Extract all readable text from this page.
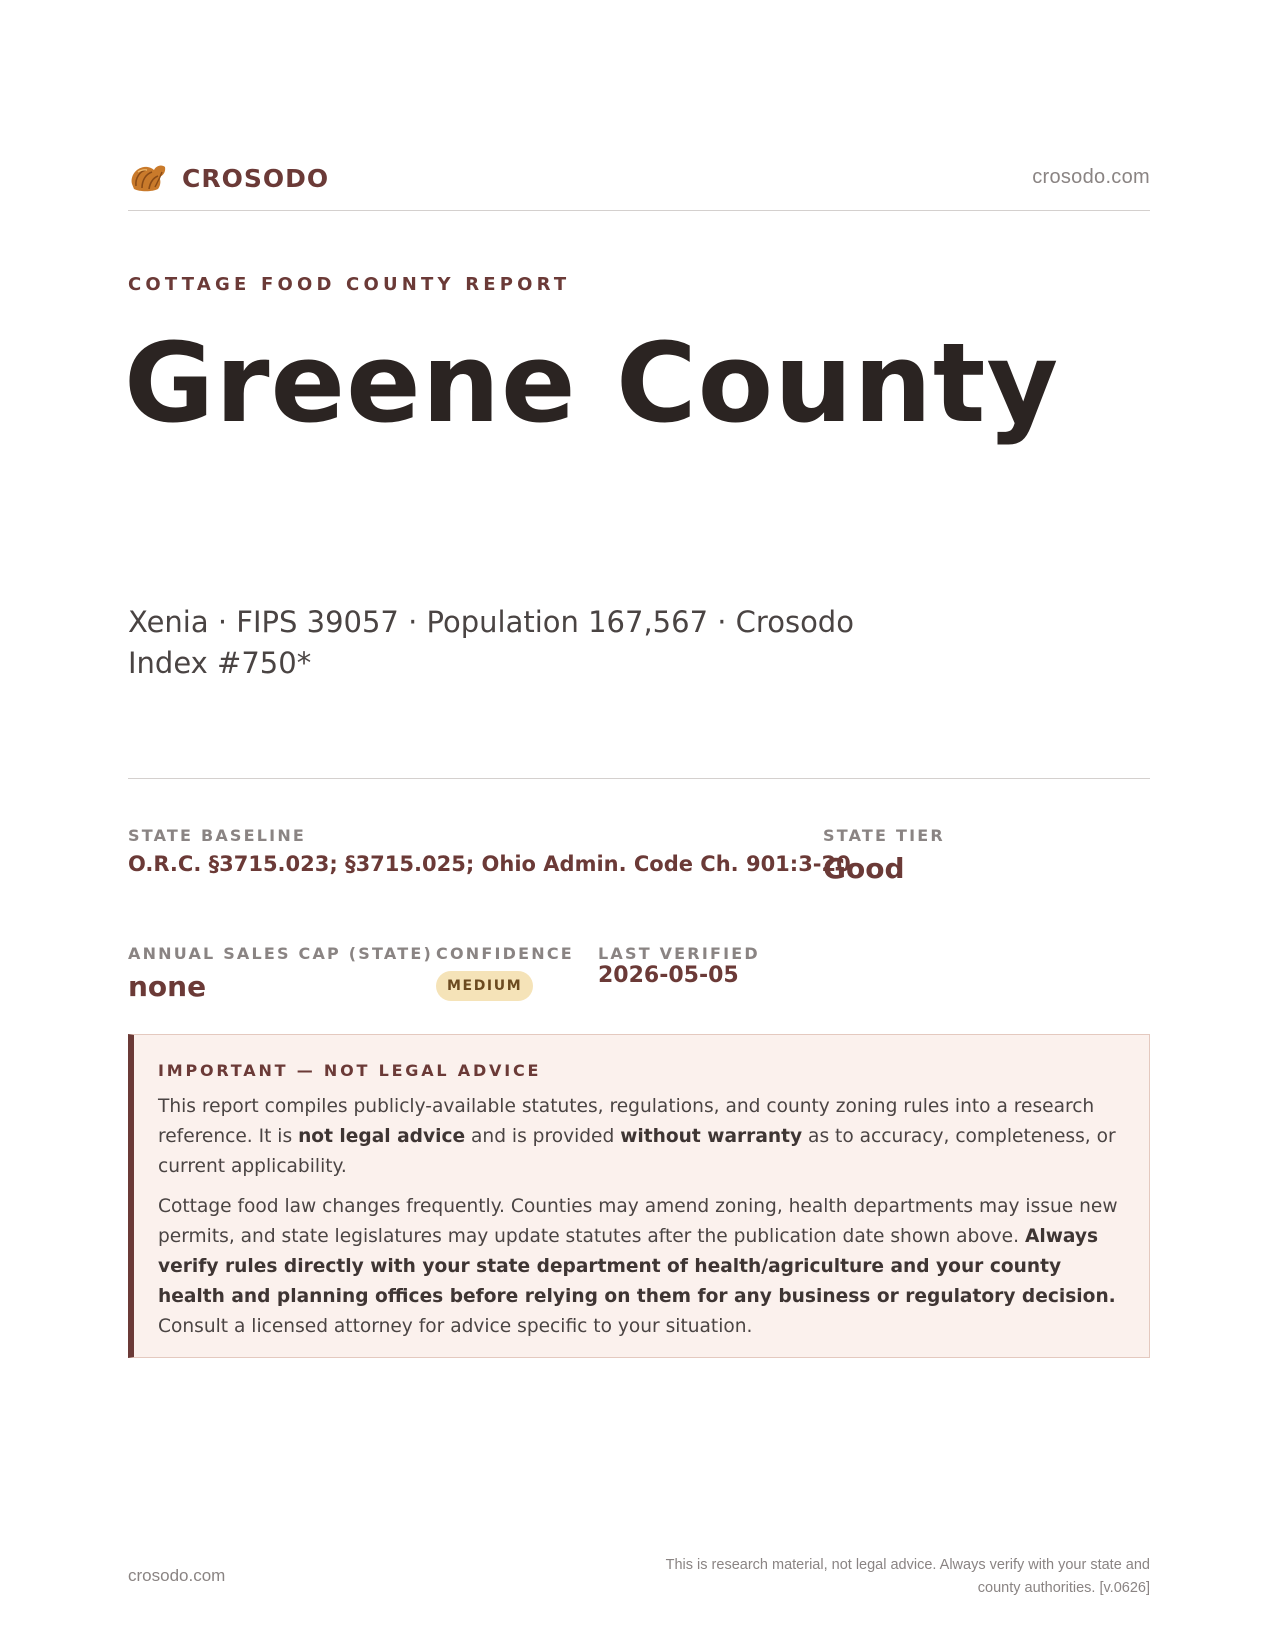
CROSODO	crosodo.com
COTTAGE FOOD COUNTY REPORT
Greene County
Xenia · FIPS 39057 · Population 167,567 · Crosodo Index #750*
STATE BASELINE
O.R.C. §3715.023; §3715.025; Ohio Admin. Code Ch. 901:3-20
STATE TIER
Good
ANNUAL SALES CAP (STATE)
none
CONFIDENCE
MEDIUM
LAST VERIFIED
2026-05-05
IMPORTANT — NOT LEGAL ADVICE

This report compiles publicly-available statutes, regulations, and county zoning rules into a research reference. It is not legal advice and is provided without warranty as to accuracy, completeness, or current applicability.

Cottage food law changes frequently. Counties may amend zoning, health departments may issue new permits, and state legislatures may update statutes after the publication date shown above. Always verify rules directly with your state department of health/agriculture and your county health and planning offices before relying on them for any business or regulatory decision. Consult a licensed attorney for advice specific to your situation.

crosodo.com
This is research material, not legal advice. Always verify with your state and county authorities. [v.0626]
